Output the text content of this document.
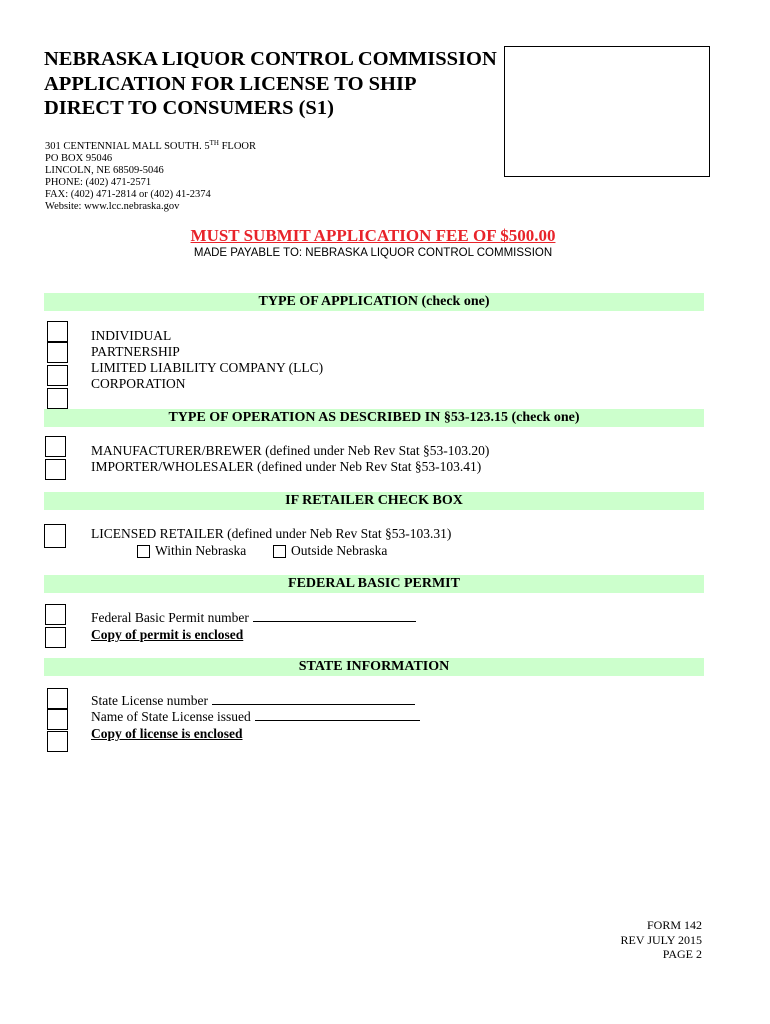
NEBRASKA LIQUOR CONTROL COMMISSION
APPLICATION FOR LICENSE TO SHIP
DIRECT TO CONSUMERS (S1)
301 CENTENNIAL MALL SOUTH. 5TH FLOOR
PO BOX 95046
LINCOLN, NE 68509-5046
PHONE: (402) 471-2571
FAX: (402) 471-2814 or (402) 41-2374
Website: www.lcc.nebraska.gov
MUST SUBMIT APPLICATION FEE OF $500.00
MADE PAYABLE TO: NEBRASKA LIQUOR CONTROL COMMISSION
TYPE OF APPLICATION (check one)
INDIVIDUAL
PARTNERSHIP
LIMITED LIABILITY COMPANY (LLC)
CORPORATION
TYPE OF OPERATION AS DESCRIBED IN §53-123.15 (check one)
MANUFACTURER/BREWER (defined under Neb Rev Stat §53-103.20)
IMPORTER/WHOLESALER (defined under Neb Rev Stat §53-103.41)
IF RETAILER CHECK BOX
LICENSED RETAILER (defined under Neb Rev Stat §53-103.31)
Within Nebraska	Outside Nebraska
FEDERAL BASIC PERMIT
Federal Basic Permit number
Copy of permit is enclosed
STATE INFORMATION
State License number
Name of State License issued
Copy of license is enclosed
FORM 142
REV JULY 2015
PAGE 2
